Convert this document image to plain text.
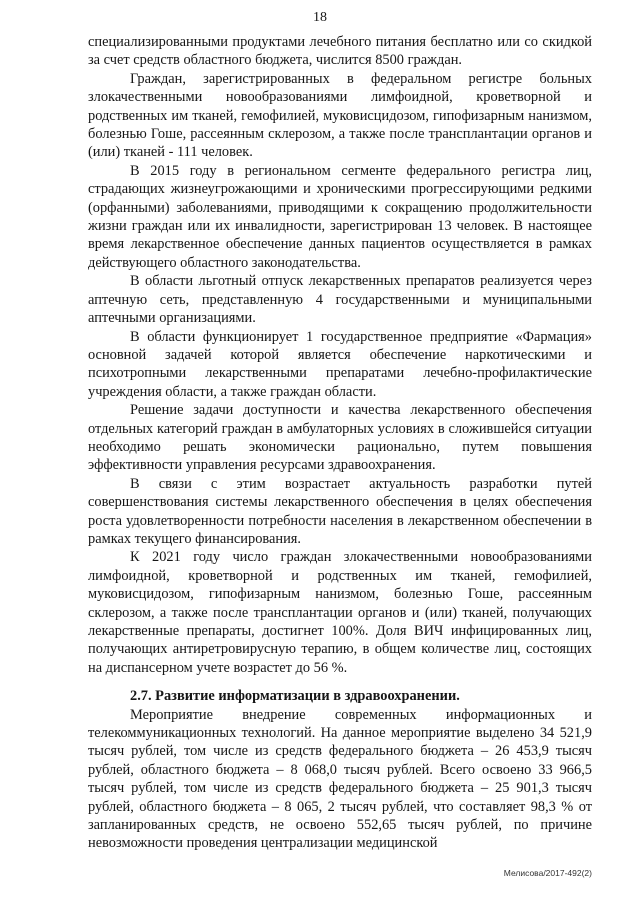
18

специализированными продуктами лечебного питания бесплатно или со скидкой за счет средств областного бюджета, числится 8500 граждан.

Граждан, зарегистрированных в федеральном регистре больных злокачественными новообразованиями лимфоидной, кроветворной и родственных им тканей, гемофилией, муковисцидозом, гипофизарным нанизмом, болезнью Гоше, рассеянным склерозом, а также после трансплантации органов и (или) тканей - 111 человек.

В 2015 году в региональном сегменте федерального регистра лиц, страдающих жизнеугрожающими и хроническими прогрессирующими редкими (орфанными) заболеваниями, приводящими к сокращению продолжительности жизни граждан или их инвалидности, зарегистрирован 13 человек. В настоящее время лекарственное обеспечение данных пациентов осуществляется в рамках действующего областного законодательства.

В области льготный отпуск лекарственных препаратов реализуется через аптечную сеть, представленную 4 государственными и муниципальными аптечными организациями.

В области функционирует 1 государственное предприятие «Фармация» основной задачей которой является обеспечение наркотическими и психотропными лекарственными препаратами лечебно-профилактические учреждения области, а также граждан области.

Решение задачи доступности и качества лекарственного обеспечения отдельных категорий граждан в амбулаторных условиях в сложившейся ситуации необходимо решать экономически рационально, путем повышения эффективности управления ресурсами здравоохранения.

В связи с этим возрастает актуальность разработки путей совершенствования системы лекарственного обеспечения в целях обеспечения роста удовлетворенности потребности населения в лекарственном обеспечении в рамках текущего финансирования.

К 2021 году число граждан злокачественными новообразованиями лимфоидной, кроветворной и родственных им тканей, гемофилией, муковисцидозом, гипофизарным нанизмом, болезнью Гоше, рассеянным склерозом, а также после трансплантации органов и (или) тканей, получающих лекарственные препараты, достигнет 100%. Доля ВИЧ инфицированных лиц, получающих антиретровирусную терапию, в общем количестве лиц, состоящих на диспансерном учете возрастет до 56 %.

2.7. Развитие информатизации в здравоохранении.

Мероприятие внедрение современных информационных и телекоммуникационных технологий. На данное мероприятие выделено 34 521,9 тысяч рублей, том числе из средств федерального бюджета – 26 453,9 тысяч рублей, областного бюджета – 8 068,0 тысяч рублей. Всего освоено 33 966,5 тысяч рублей, том числе из средств федерального бюджета – 25 901,3 тысяч рублей, областного бюджета – 8 065, 2 тысяч рублей, что составляет 98,3 % от запланированных средств, не освоено 552,65 тысяч рублей, по причине невозможности проведения централизации медицинской

Мелисова/2017-492(2)
